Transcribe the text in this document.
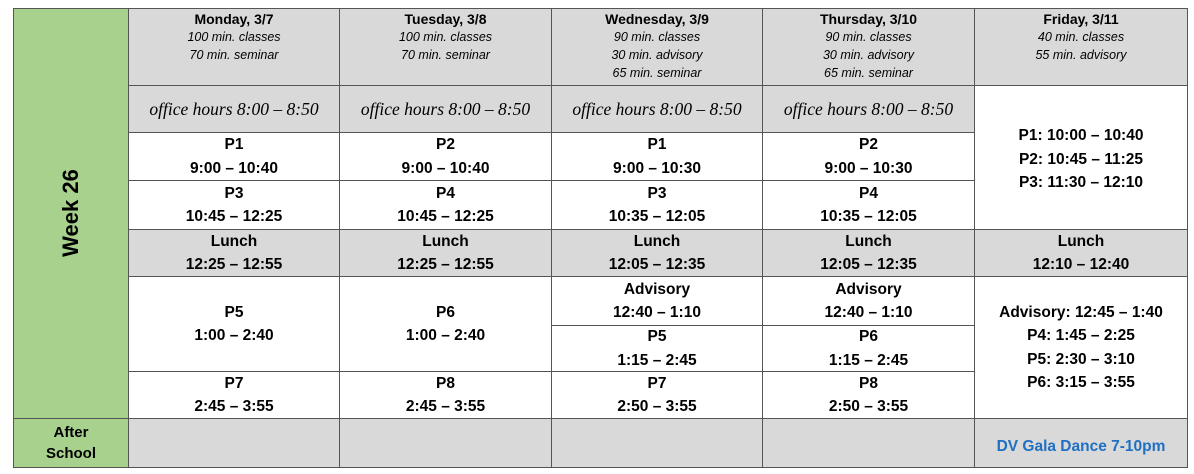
After
School
Monday, 3/7
100 min. classes
70 min. seminar
Tuesday, 3/8
100 min. classes
70 min. seminar
Wednesday, 3/9
90 min. classes
30 min. advisory
65 min. seminar
Thursday, 3/10
90 min. classes
30 min. advisory
65 min. seminar
Friday, 3/11
40 min. classes
55 min. advisory
office hours 8:00 – 8:50 office hours 8:00 – 8:50 office hours 8:00 – 8:50 office hours 8:00 – 8:50
P1
9:00 – 10:40
P3
10:45 – 12:25
P5
1:00 – 2:40
P7
2:45 – 3:55
P2
9:00 – 10:40
P4
10:45 – 12:25
P6
1:00 – 2:40
P8
2:45 – 3:55
P1
9:00 – 10:30
P3
10:35 – 12:05
Advisory
12:40 – 1:10
P5
1:15 – 2:45
P7
2:50 – 3:55
P2
9:00 – 10:30
P4
10:35 – 12:05
Advisory
12:40 – 1:10
P6
1:15 – 2:45
P8
2:50 – 3:55
Lunch
12:25 – 12:55
Lunch
12:25 – 12:55
Lunch
12:05 – 12:35
Lunch
12:05 – 12:35
Lunch
12:10 – 12:40
P1: 10:00 – 10:40
P2: 10:45 – 11:25
P3: 11:30 – 12:10
Advisory: 12:45 – 1:40
P4: 1:45 – 2:25
P5: 2:30 – 3:10
P6: 3:15 – 3:55
DV Gala Dance 7-10pm
Week 26
